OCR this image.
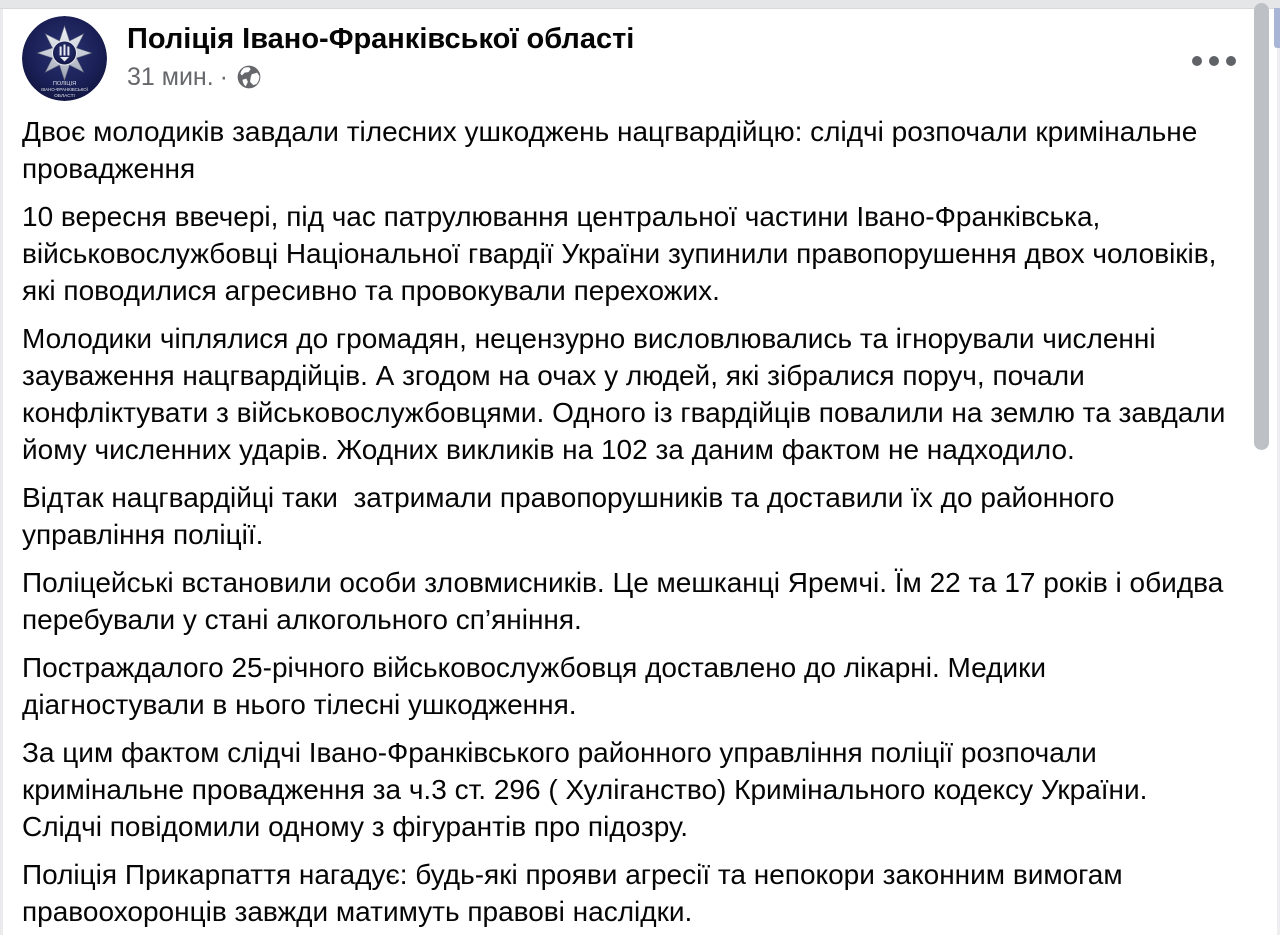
ПОЛІЦІЯ
ІВАНО-ФРАНКІВСЬКОЇ
ОБЛАСТІ
Поліція Івано-Франківської області
31 мин. ·

Двоє молодиків завдали тілесних ушкоджень нацгвардійцю: слідчі розпочали кримінальне провадження

10 вересня ввечері, під час патрулювання центральної частини Івано-Франківська, військовослужбовці Національної гвардії України зупинили правопорушення двох чоловіків, які поводилися агресивно та провокували перехожих.

Молодики чіплялися до громадян, нецензурно висловлювались та ігнорували численні зауваження нацгвардійців. А згодом на очах у людей, які зібралися поруч, почали конфліктувати з військовослужбовцями. Одного із гвардійців повалили на землю та завдали йому численних ударів. Жодних викликів на 102 за даним фактом не надходило.

Відтак нацгвардійці таки  затримали правопорушників та доставили їх до районного управління поліції.

Поліцейські встановили особи зловмисників. Це мешканці Яремчі. Їм 22 та 17 років і обидва перебували у стані алкогольного сп’яніння.

Постраждалого 25-річного військовослужбовця доставлено до лікарні. Медики діагностували в нього тілесні ушкодження.

За цим фактом слідчі Івано-Франківського районного управління поліції розпочали кримінальне провадження за ч.3 ст. 296 ( Хуліганство) Кримінального кодексу України. Слідчі повідомили одному з фігурантів про підозру.

Поліція Прикарпаття нагадує: будь-які прояви агресії та непокори законним вимогам правоохоронців завжди матимуть правові наслідки.
